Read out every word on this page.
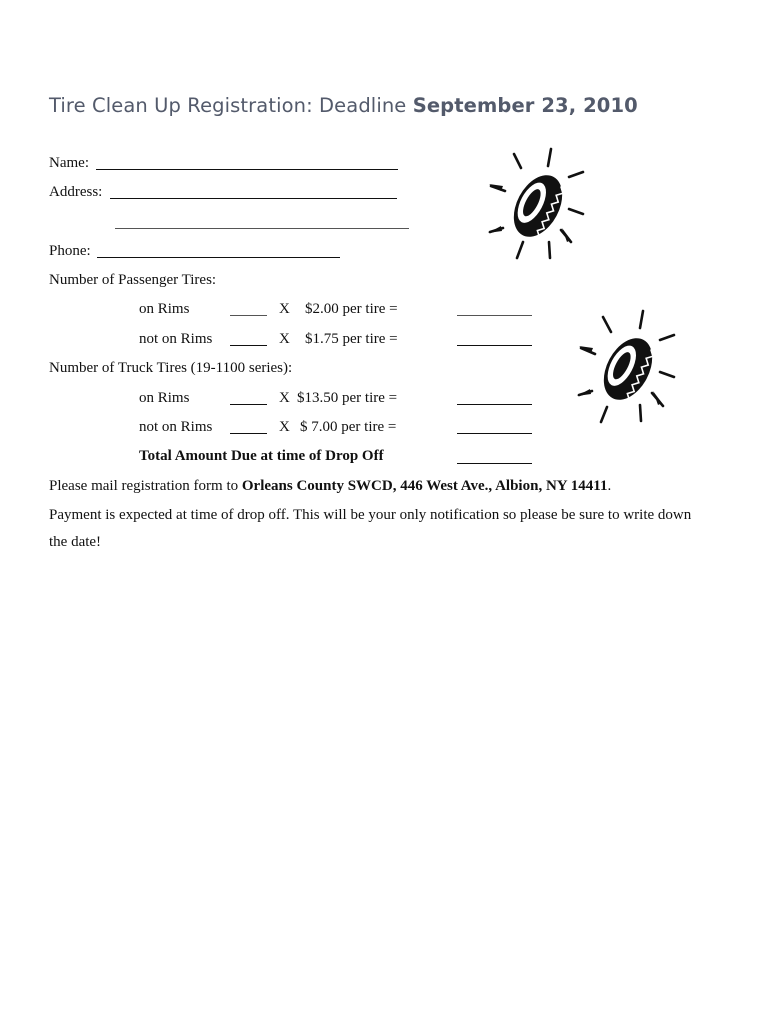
Tire Clean Up Registration: Deadline September 23, 2010
Name:
Address:
Phone:
Number of Passenger Tires:
on Rims	X $2.00 per tire =
not on Rims	X $1.75 per tire =
Number of Truck Tires (19-1100 series):
on Rims	X $13.50 per tire =
not on Rims	X $ 7.00 per tire =
Total Amount Due at time of Drop Off
Please mail registration form to Orleans County SWCD, 446 West Ave., Albion, NY 14411.
Payment is expected at time of drop off. This will be your only notification so please be sure to write down
the date!
